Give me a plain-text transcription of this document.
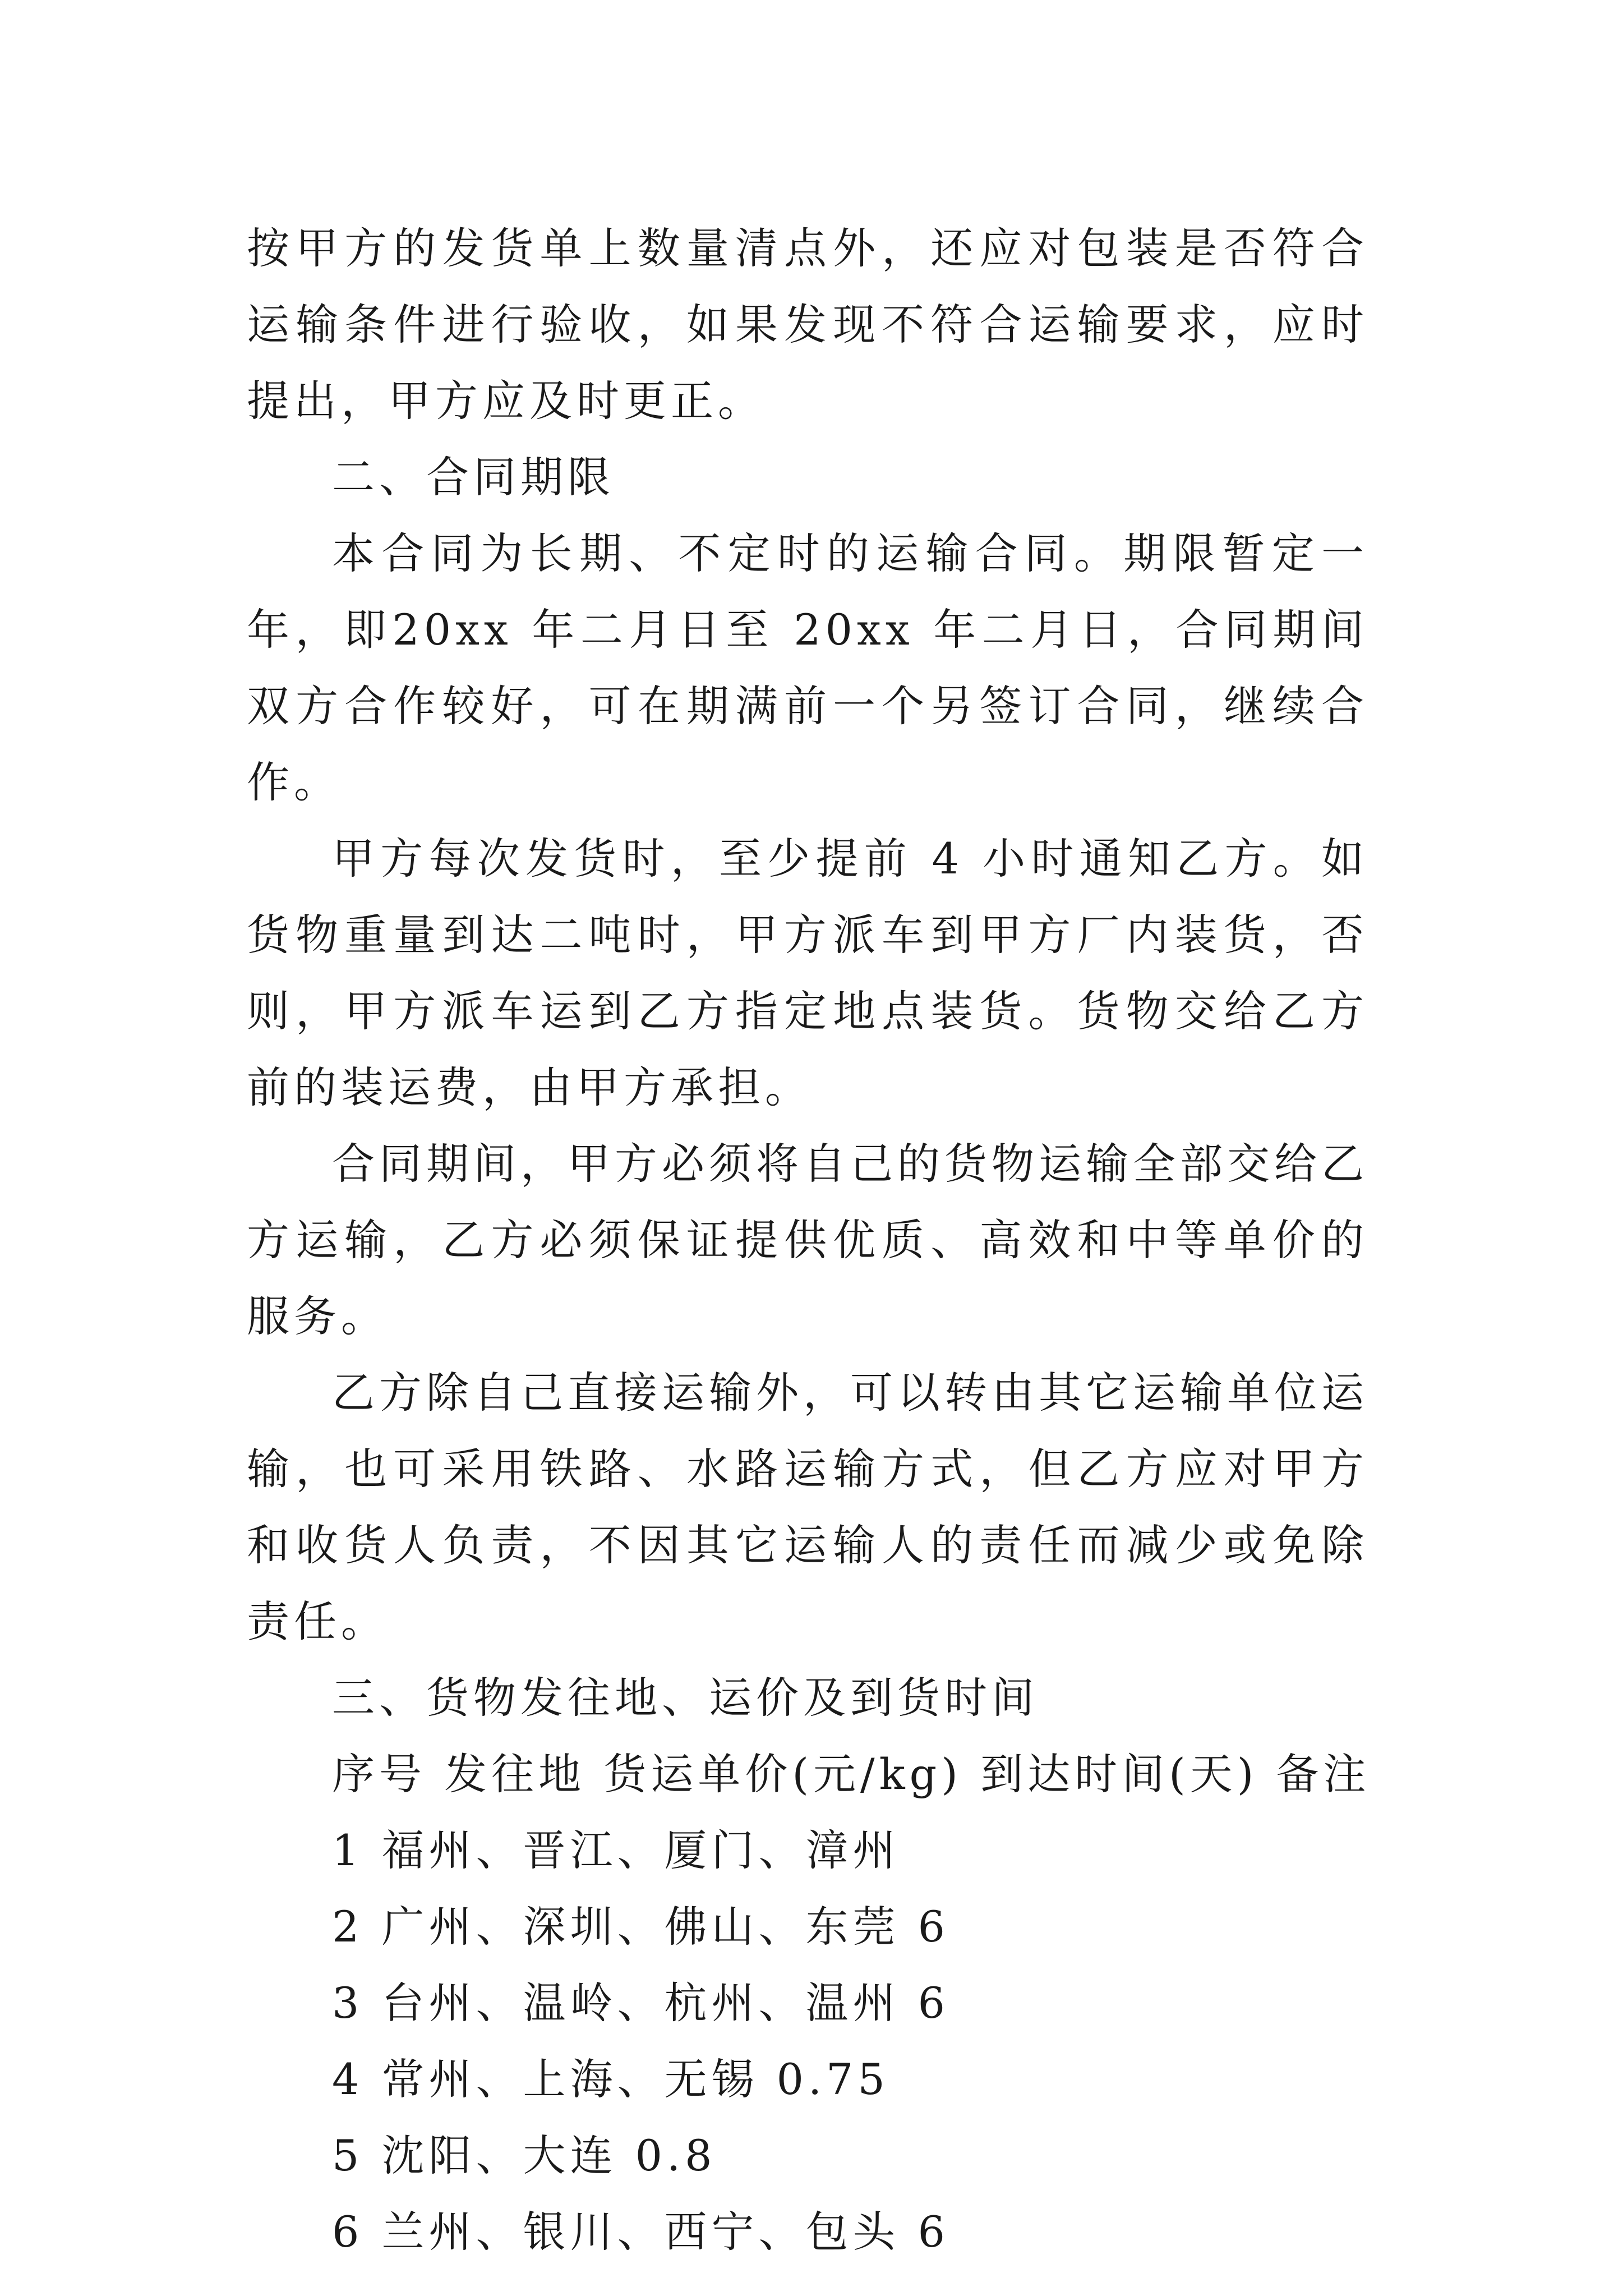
按甲方的发货单上数量清点外，还应对包装是否符合运输条件进行验收，如果发现不符合运输要求，应时提出，甲方应及时更正。

二、合同期限

本合同为长期、不定时的运输合同。期限暂定一年，即20xx 年二月日至 20xx 年二月日，合同期间双方合作较好，可在期满前一个另签订合同，继续合作。

甲方每次发货时，至少提前 4 小时通知乙方。如货物重量到达二吨时，甲方派车到甲方厂内装货，否则，甲方派车运到乙方指定地点装货。货物交给乙方前的装运费，由甲方承担。

合同期间，甲方必须将自己的货物运输全部交给乙方运输，乙方必须保证提供优质、高效和中等单价的服务。

乙方除自己直接运输外，可以转由其它运输单位运输，也可采用铁路、水路运输方式，但乙方应对甲方和收货人负责，不因其它运输人的责任而减少或免除责任。

三、货物发往地、运价及到货时间

序号 发往地 货运单价(元/kg) 到达时间(天) 备注

1 福州、晋江、厦门、漳州

2 广州、深圳、佛山、东莞 6

3 台州、温岭、杭州、温州 6

4 常州、上海、无锡 0.75

5 沈阳、大连 0.8

6 兰州、银川、西宁、包头 6
